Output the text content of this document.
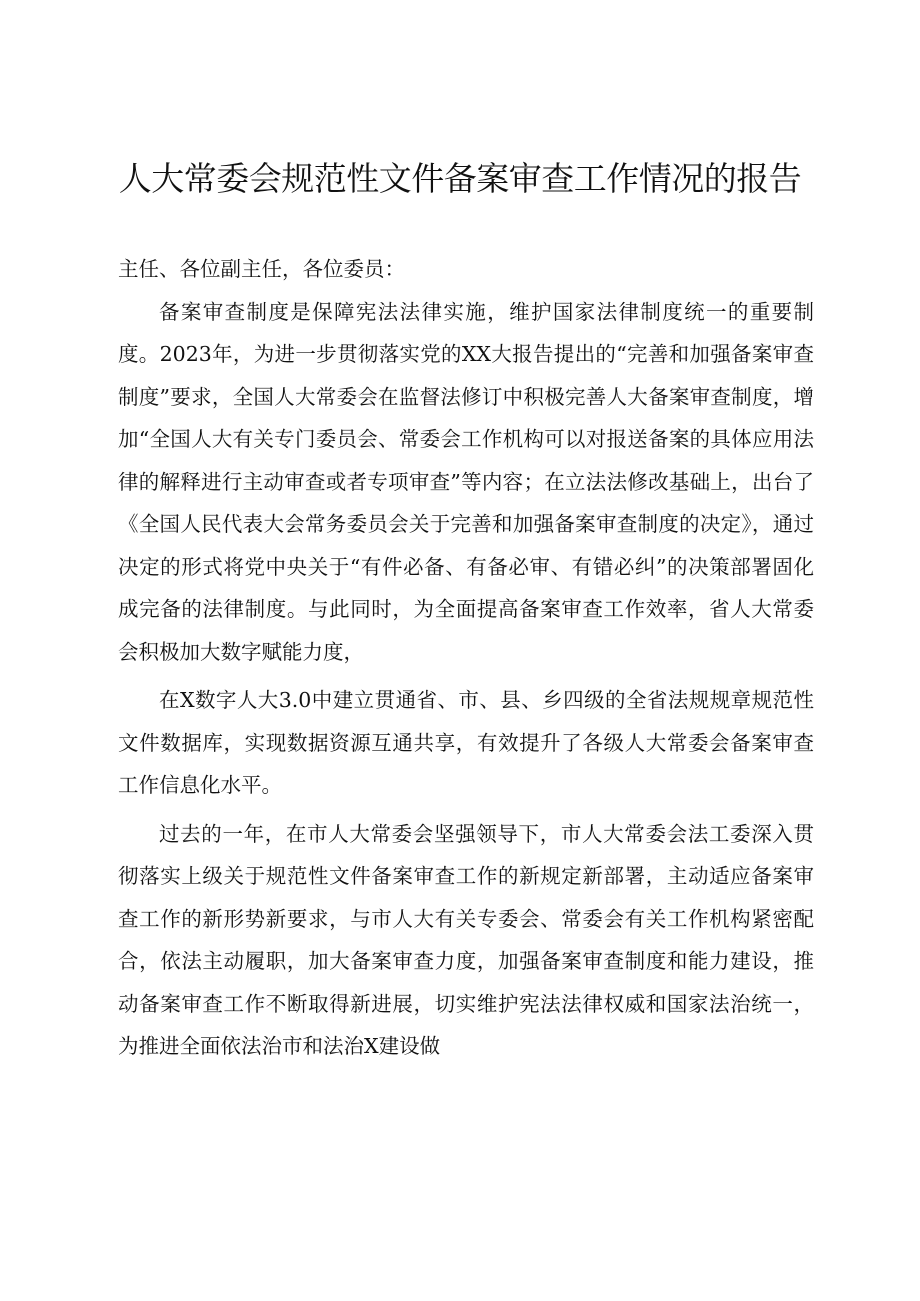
人大常委会规范性文件备案审查工作情况的报告

主任、各位副主任，各位委员：

备案审查制度是保障宪法法律实施，维护国家法律制度统一的重要制度。2023年，为进一步贯彻落实党的XX大报告提出的“完善和加强备案审查制度”要求，全国人大常委会在监督法修订中积极完善人大备案审查制度，增加“全国人大有关专门委员会、常委会工作机构可以对报送备案的具体应用法律的解释进行主动审查或者专项审查”等内容；在立法法修改基础上，出台了《全国人民代表大会常务委员会关于完善和加强备案审查制度的决定》，通过决定的形式将党中央关于“有件必备、有备必审、有错必纠”的决策部署固化成完备的法律制度。与此同时，为全面提高备案审查工作效率，省人大常委会积极加大数字赋能力度，

在X数字人大3.0中建立贯通省、市、县、乡四级的全省法规规章规范性文件数据库，实现数据资源互通共享，有效提升了各级人大常委会备案审查工作信息化水平。

过去的一年，在市人大常委会坚强领导下，市人大常委会法工委深入贯彻落实上级关于规范性文件备案审查工作的新规定新部署，主动适应备案审查工作的新形势新要求，与市人大有关专委会、常委会有关工作机构紧密配合，依法主动履职，加大备案审查力度，加强备案审查制度和能力建设，推动备案审查工作不断取得新进展，切实维护宪法法律权威和国家法治统一，为推进全面依法治市和法治X建设做
